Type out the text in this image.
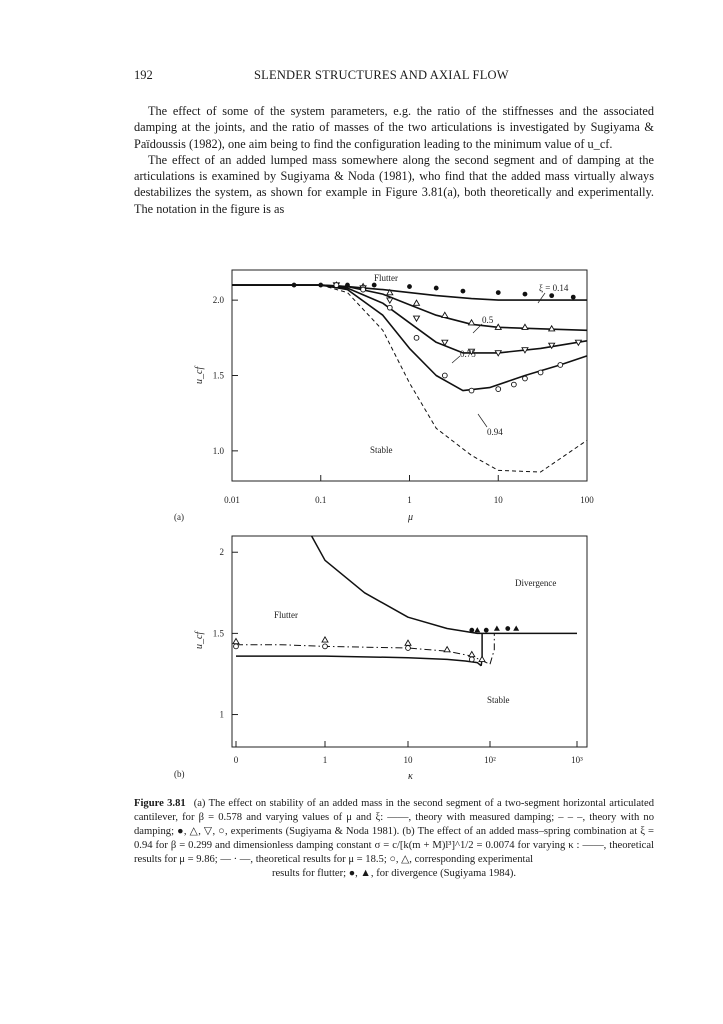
192	SLENDER STRUCTURES AND AXIAL FLOW

The effect of some of the system parameters, e.g. the ratio of the stiffnesses and the associated damping at the joints, and the ratio of masses of the two articulations is investigated by Sugiyama & Païdoussis (1982), one aim being to find the configuration leading to the minimum value of u_cf.

The effect of an added lumped mass somewhere along the second segment and of damping at the articulations is examined by Sugiyama & Noda (1981), who find that the added mass virtually always destabilizes the system, as shown for example in Figure 3.81(a), both theoretically and experimentally. The notation in the figure is as

0.01	0.1	1	10	100
1.0
1.5
2.0
Flutter
Stable
ξ = 0.14
0.5
0.75
0.94
u_cf
μ
(a)
0	1	10	10²	10³
1
1.5
2
Flutter
Divergence
Stable
u_cf
κ
(b)
Figure 3.81 (a) The effect on stability of an added mass in the second segment of a two-segment horizontal articulated cantilever, for β = 0.578 and varying values of μ and ξ: ——, theory with measured damping; – – –, theory with no damping; ●, △, ▽, ○, experiments (Sugiyama & Noda 1981). (b) The effect of an added mass–spring combination at ξ = 0.94 for β = 0.299 and dimensionless damping constant σ = c/[k(m + M)l³]^1/2 = 0.0074 for varying κ : ——, theoretical results for μ = 9.86; — · —, theoretical results for μ = 18.5; ○, △, corresponding experimental
results for flutter; ●, ▲, for divergence (Sugiyama 1984).
